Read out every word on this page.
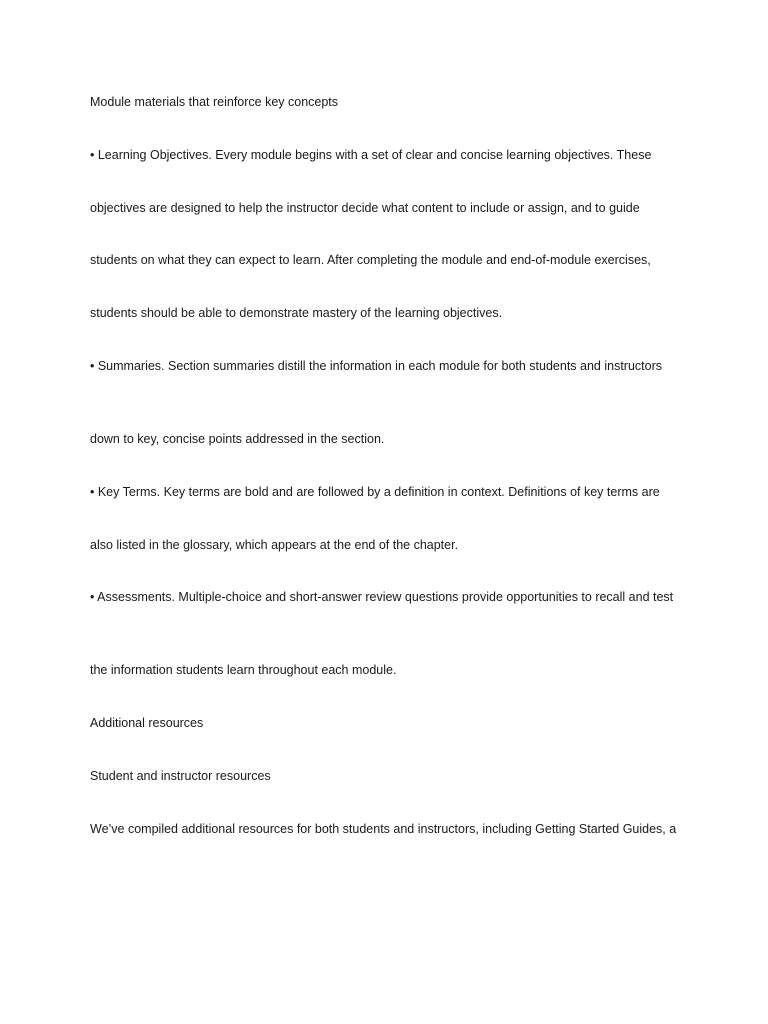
Module materials that reinforce key concepts

• Learning Objectives. Every module begins with a set of clear and concise learning objectives. These

objectives are designed to help the instructor decide what content to include or assign, and to guide

students on what they can expect to learn. After completing the module and end-of-module exercises,

students should be able to demonstrate mastery of the learning objectives.

• Summaries. Section summaries distill the information in each module for both students and instructors

down to key, concise points addressed in the section.

• Key Terms. Key terms are bold and are followed by a definition in context. Definitions of key terms are

also listed in the glossary, which appears at the end of the chapter.

• Assessments. Multiple-choice and short-answer review questions provide opportunities to recall and test

the information students learn throughout each module.

Additional resources

Student and instructor resources

We’ve compiled additional resources for both students and instructors, including Getting Started Guides, a
